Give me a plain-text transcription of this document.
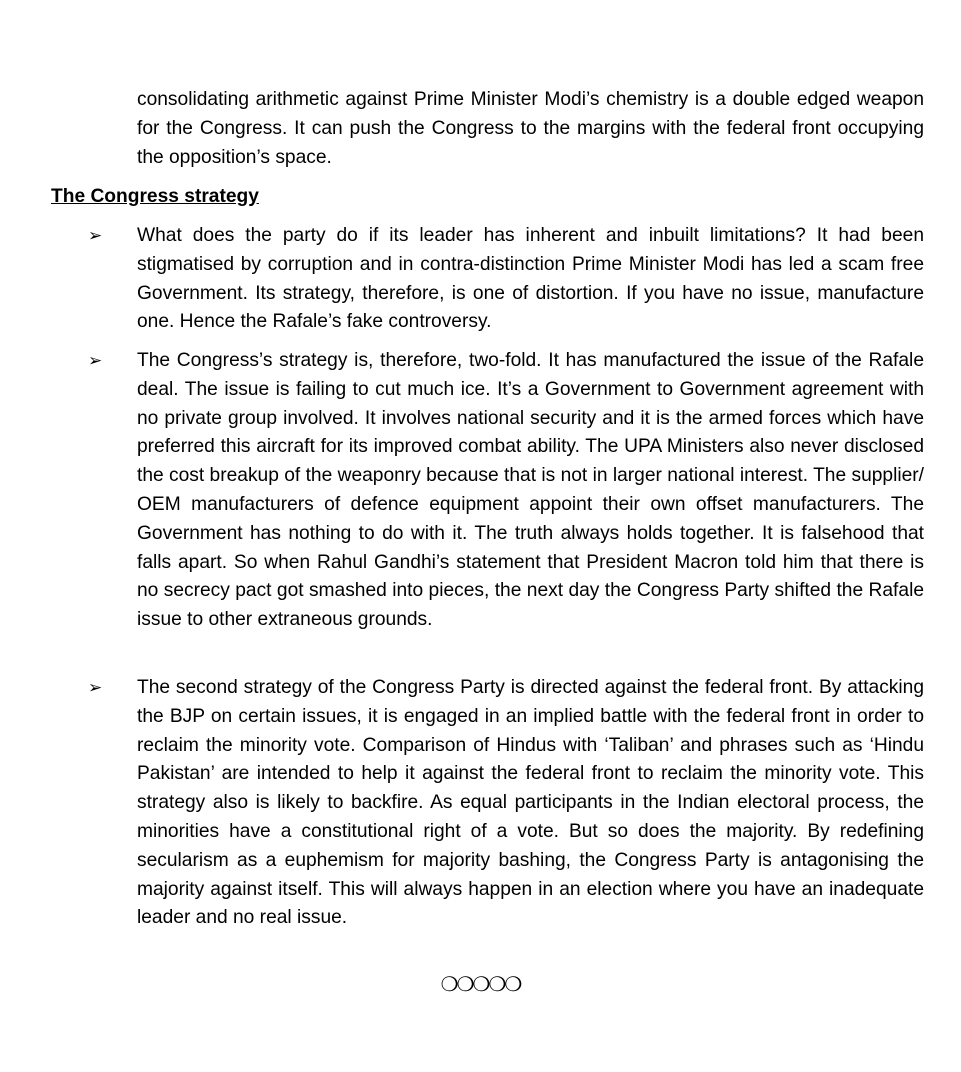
consolidating arithmetic against Prime Minister Modi’s chemistry is a double edged weapon for the Congress. It can push the Congress to the margins with the federal front occupying the opposition’s space.

The Congress strategy
➢ What does the party do if its leader has inherent and inbuilt limitations? It had been stigmatised by corruption and in contra-distinction Prime Minister Modi has led a scam free Government. Its strategy, therefore, is one of distortion. If you have no issue, manufacture one. Hence the Rafale’s fake controversy.

➢ The Congress’s strategy is, therefore, two-fold. It has manufactured the issue of the Rafale deal. The issue is failing to cut much ice. It’s a Government to Government agreement with no private group involved. It involves national security and it is the armed forces which have preferred this aircraft for its improved combat ability. The UPA Ministers also never disclosed the cost breakup of the weaponry because that is not in larger national interest. The supplier/ OEM manufacturers of defence equipment appoint their own offset manufacturers. The Government has nothing to do with it. The truth always holds together. It is falsehood that falls apart. So when Rahul Gandhi’s statement that President Macron told him that there is no secrecy pact got smashed into pieces, the next day the Congress Party shifted the Rafale issue to other extraneous grounds.

➢ The second strategy of the Congress Party is directed against the federal front. By attacking the BJP on certain issues, it is engaged in an implied battle with the federal front in order to reclaim the minority vote. Comparison of Hindus with ‘Taliban’ and phrases such as ‘Hindu Pakistan’ are intended to help it against the federal front to reclaim the minority vote. This strategy also is likely to backfire. As equal participants in the Indian electoral process, the minorities have a constitutional right of a vote. But so does the majority. By redefining secularism as a euphemism for majority bashing, the Congress Party is antagonising the majority against itself. This will always happen in an election where you have an inadequate leader and no real issue.

❍❍❍❍❍
